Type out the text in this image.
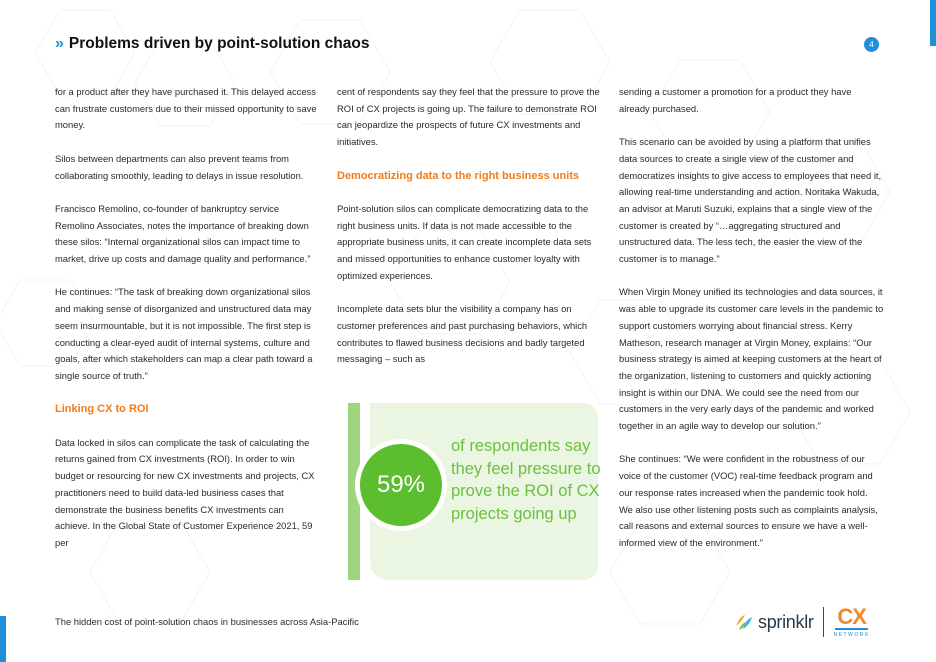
» Problems driven by point-solution chaos	4

for a product after they have purchased it. This delayed access can frustrate customers due to their missed opportunity to save money.

Silos between departments can also prevent teams from collaborating smoothly, leading to delays in issue resolution.

Francisco Remolino, co-founder of bankruptcy service Remolino Associates, notes the importance of breaking down these silos: “Internal organizational silos can impact time to market, drive up costs and damage quality and performance.”

He continues: “The task of breaking down organizational silos and making sense of disorganized and unstructured data may seem insurmountable, but it is not impossible. The first step is conducting a clear-eyed audit of internal systems, culture and goals, after which stakeholders can map a clear path toward a single source of truth.”

Linking CX to ROI

Data locked in silos can complicate the task of calculating the returns gained from CX investments (ROI). In order to win budget or resourcing for new CX investments and projects, CX practitioners need to build data-led business cases that demonstrate the business benefits CX investments can achieve. In the Global State of Customer Experience 2021, 59 per

cent of respondents say they feel that the pressure to prove the ROI of CX projects is going up. The failure to demonstrate ROI can jeopardize the prospects of future CX investments and initiatives.

Democratizing data to the right business units

Point-solution silos can complicate democratizing data to the right business units. If data is not made accessible to the appropriate business units, it can create incomplete data sets and missed opportunities to enhance customer loyalty with optimized experiences.

Incomplete data sets blur the visibility a company has on customer preferences and past purchasing behaviors, which contributes to flawed business decisions and badly targeted messaging – such as

59%
of respondents say they feel pressure to prove the ROI of CX projects going up

sending a customer a promotion for a product they have already purchased.

This scenario can be avoided by using a platform that unifies data sources to create a single view of the customer and democratizes insights to give access to employees that need it, allowing real-time understanding and action. Noritaka Wakuda, an advisor at Maruti Suzuki, explains that a single view of the customer is created by “…aggregating structured and unstructured data. The less tech, the easier the view of the customer is to manage.”

When Virgin Money unified its technologies and data sources, it was able to upgrade its customer care levels in the pandemic to support customers worrying about financial stress. Kerry Matheson, research manager at Virgin Money, explains: “Our business strategy is aimed at keeping customers at the heart of the organization, listening to customers and quickly actioning insight is within our DNA. We could see the need from our customers in the very early days of the pandemic and worked together in an agile way to develop our solution.”

She continues: “We were confident in the robustness of our voice of the customer (VOC) real-time feedback program and our response rates increased when the pandemic took hold. We also use other listening posts such as complaints analysis, call reasons and external sources to ensure we have a well-informed view of the environment.”

The hidden cost of point-solution chaos in businesses across Asia-Pacific	sprinklr CX
NETWORK
